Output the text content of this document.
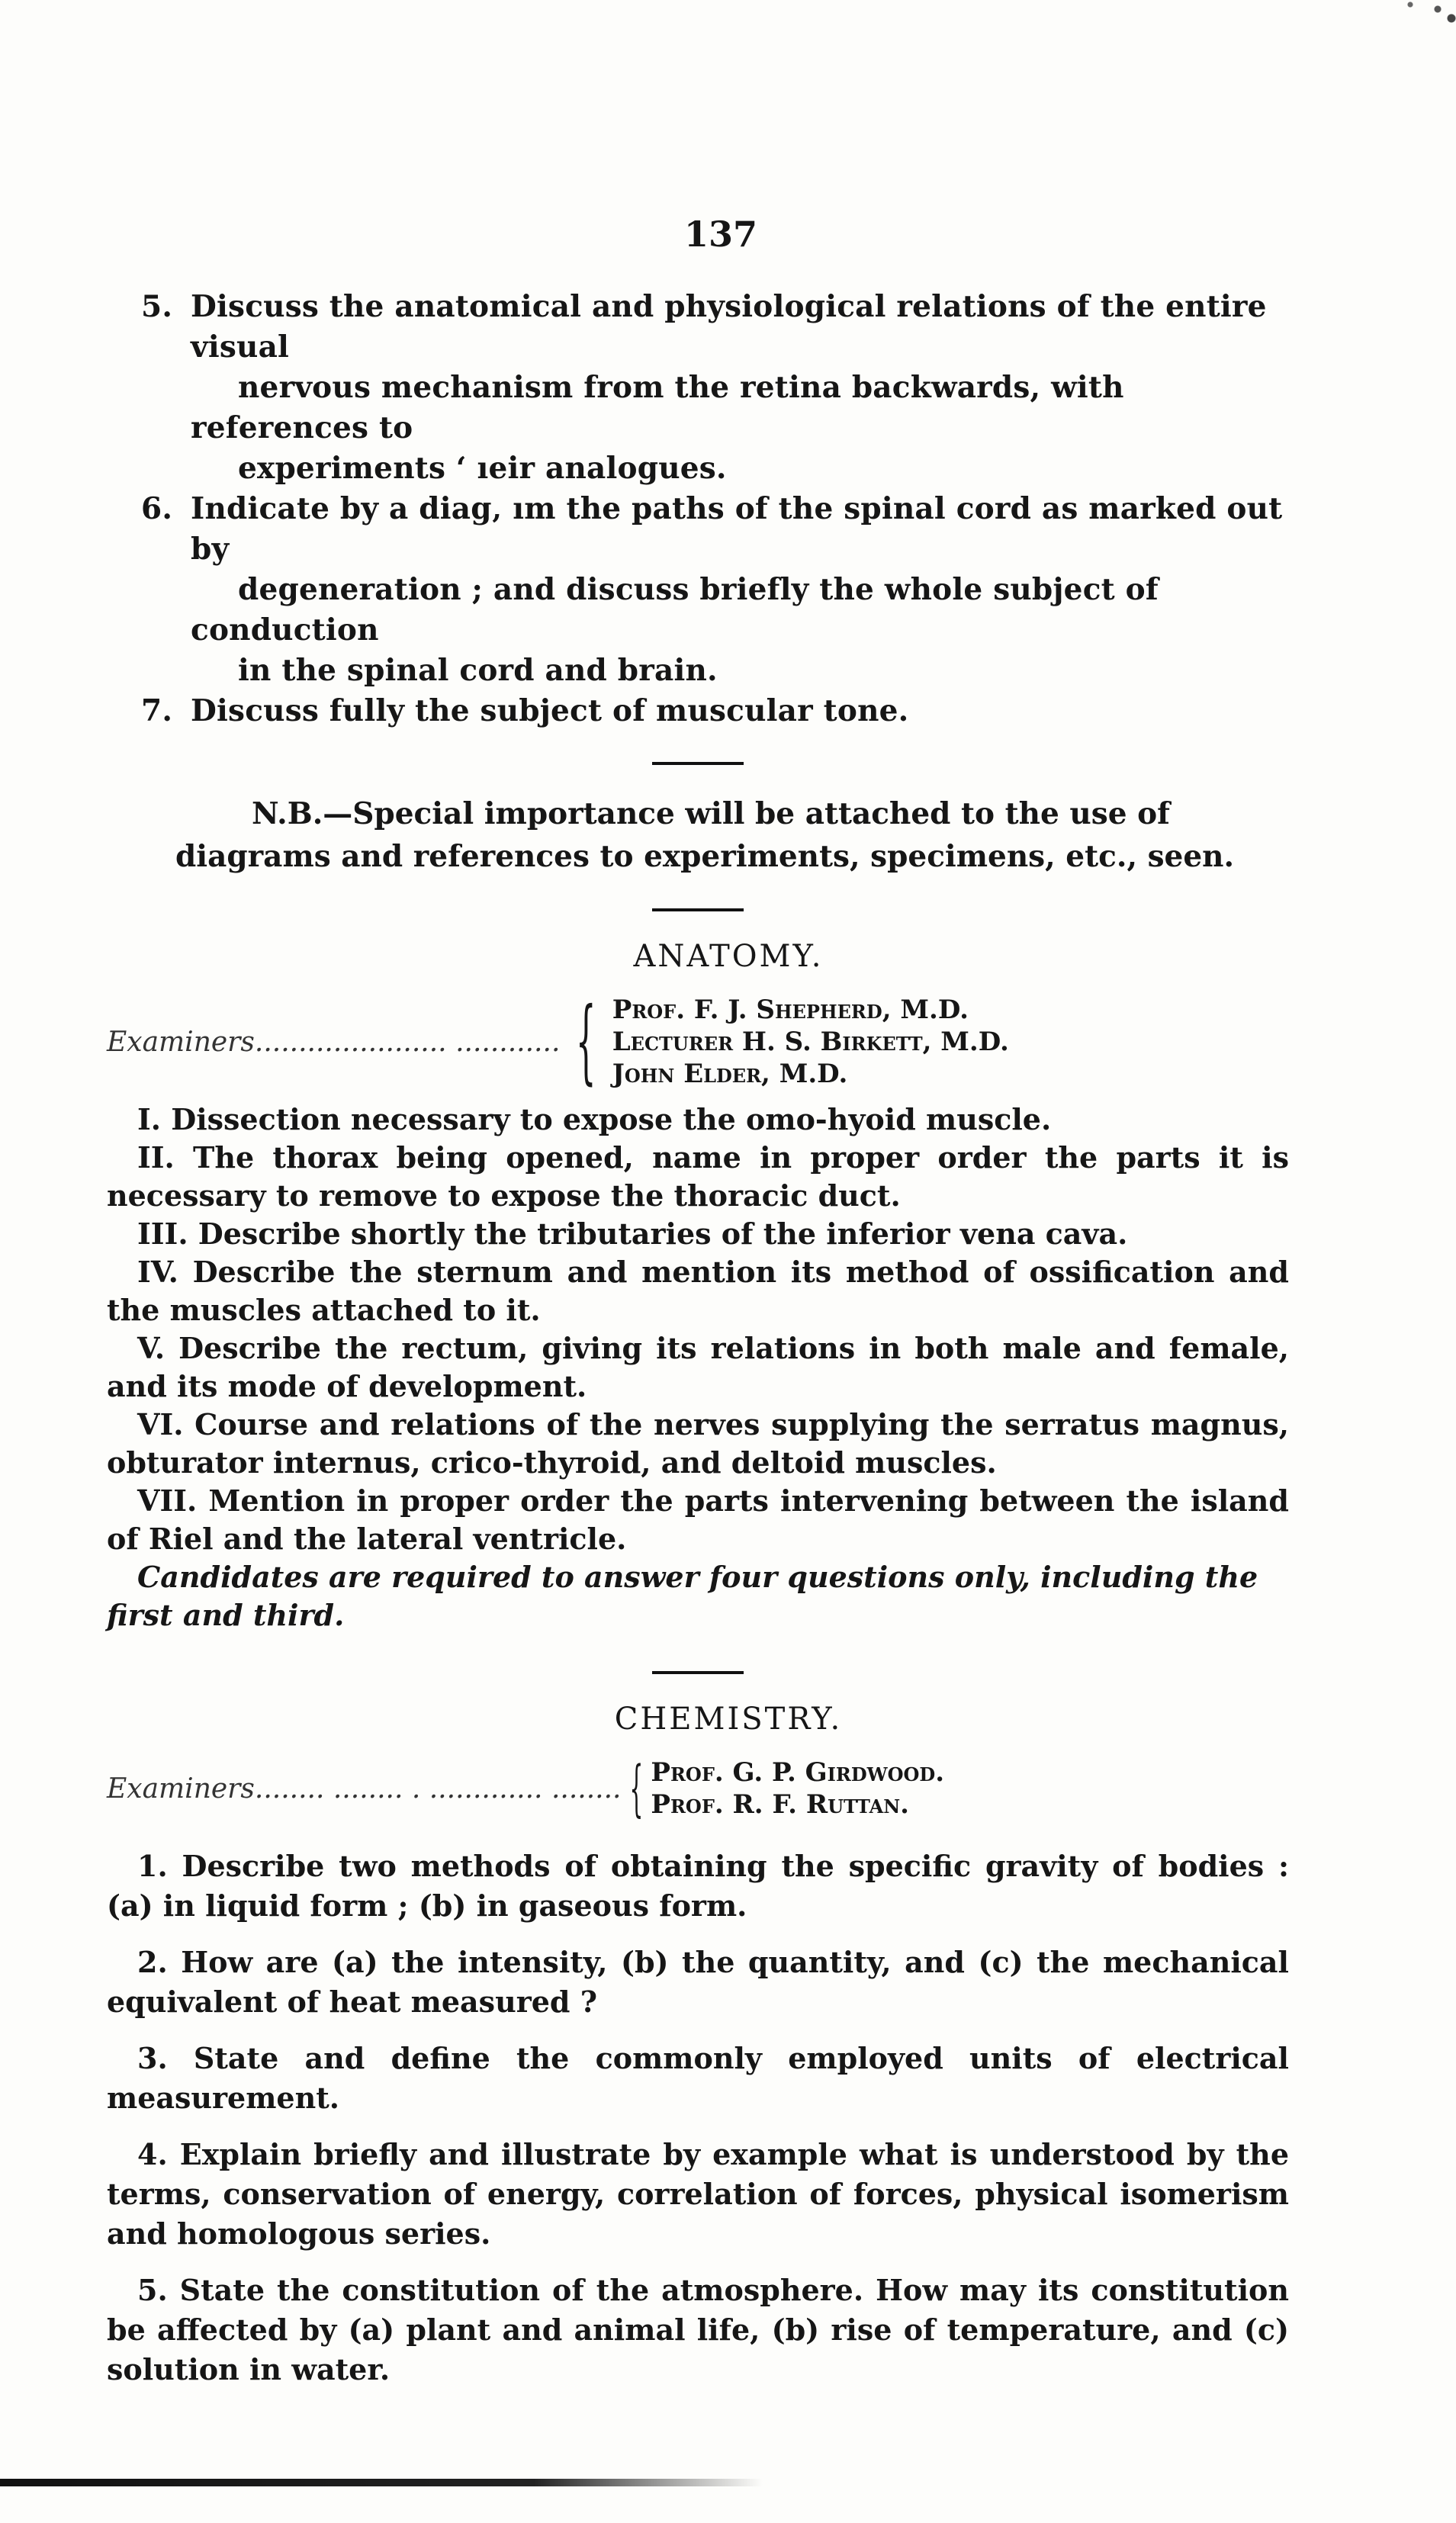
137

5. Discuss the anatomical and physiological relations of the entire visual
nervous mechanism from the retina backwards, with references to
experiments ‘ ıeir analogues.

6. Indicate by a diag‚ ım the paths of the spinal cord as marked out by
degeneration ; and discuss briefly the whole subject of conduction
in the spinal cord and brain.

7. Discuss fully the subject of muscular tone.

N.B.—Special importance will be attached to the use of diagrams and references to experiments, specimens, etc., seen.

ANATOMY.
Examiners...................... ............ { Prof. F. J. Shepherd, M.D.
Lecturer H. S. Birkett, M.D.
John Elder, M.D.

I. Dissection necessary to expose the omo-hyoid muscle.

II. The thorax being opened, name in proper order the parts it is necessary to remove to expose the thoracic duct.

III. Describe shortly the tributaries of the inferior vena cava.

IV. Describe the sternum and mention its method of ossification and the muscles attached to it.

V. Describe the rectum, giving its relations in both male and female, and its mode of development.

VI. Course and relations of the nerves supplying the serratus magnus, obturator internus, crico-thyroid, and deltoid muscles.

VII. Mention in proper order the parts intervening between the island of Riel and the lateral ventricle.

Candidates are required to answer four questions only, including the first and third.

CHEMISTRY.
Examiners........ ........ . ............. ........ { Prof. G. P. Girdwood.
Prof. R. F. Ruttan.

1. Describe two methods of obtaining the specific gravity of bodies : (a) in liquid form ; (b) in gaseous form.

2. How are (a) the intensity, (b) the quantity, and (c) the mechanical equivalent of heat measured ?

3. State and define the commonly employed units of electrical measurement.

4. Explain briefly and illustrate by example what is understood by the terms, conservation of energy, correlation of forces, physical isomerism and homologous series.

5. State the constitution of the atmosphere. How may its constitution be affected by (a) plant and animal life, (b) rise of temperature, and (c) solution in water.
